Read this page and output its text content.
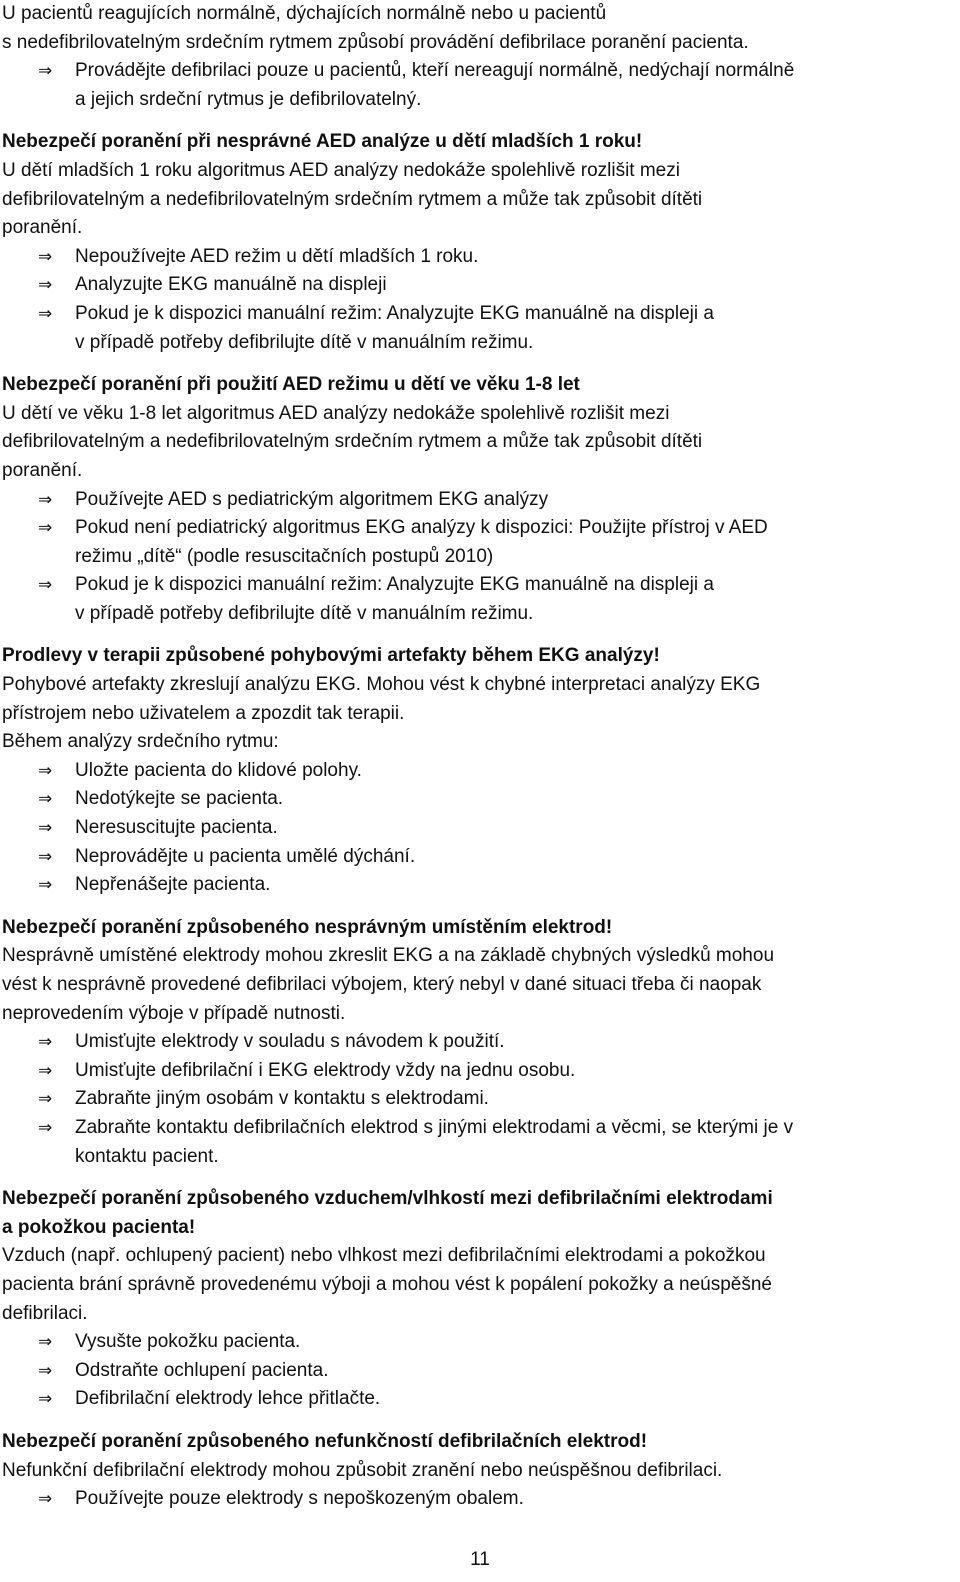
U pacientů reagujících normálně, dýchajících normálně nebo u pacientů

s nedefibrilovatelným srdečním rytmem způsobí provádění defibrilace poranění pacienta.

⇒ Provádějte defibrilaci pouze u pacientů, kteří nereagují normálně, nedýchají normálně
a jejich srdeční rytmus je defibrilovatelný.

Nebezpečí poranění při nesprávné AED analýze u dětí mladších 1 roku!

U dětí mladších 1 roku algoritmus AED analýzy nedokáže spolehlivě rozlišit mezi

defibrilovatelným a nedefibrilovatelným srdečním rytmem a může tak způsobit dítěti

poranění.

⇒ Nepoužívejte AED režim u dětí mladších 1 roku.
⇒ Analyzujte EKG manuálně na displeji
⇒ Pokud je k dispozici manuální režim: Analyzujte EKG manuálně na displeji a
v případě potřeby defibrilujte dítě v manuálním režimu.

Nebezpečí poranění při použití AED režimu u dětí ve věku 1-8 let

U dětí ve věku 1-8 let algoritmus AED analýzy nedokáže spolehlivě rozlišit mezi

defibrilovatelným a nedefibrilovatelným srdečním rytmem a může tak způsobit dítěti

poranění.

⇒ Používejte AED s pediatrickým algoritmem EKG analýzy
⇒ Pokud není pediatrický algoritmus EKG analýzy k dispozici: Použijte přístroj v AED
režimu „dítě“ (podle resuscitačních postupů 2010)
⇒ Pokud je k dispozici manuální režim: Analyzujte EKG manuálně na displeji a
v případě potřeby defibrilujte dítě v manuálním režimu.

Prodlevy v terapii způsobené pohybovými artefakty během EKG analýzy!

Pohybové artefakty zkreslují analýzu EKG. Mohou vést k chybné interpretaci analýzy EKG

přístrojem nebo uživatelem a zpozdit tak terapii.

Během analýzy srdečního rytmu:

⇒ Uložte pacienta do klidové polohy.
⇒ Nedotýkejte se pacienta.
⇒ Neresuscitujte pacienta.
⇒ Neprovádějte u pacienta umělé dýchání.
⇒ Nepřenášejte pacienta.

Nebezpečí poranění způsobeného nesprávným umístěním elektrod!

Nesprávně umístěné elektrody mohou zkreslit EKG a na základě chybných výsledků mohou

vést k nesprávně provedené defibrilaci výbojem, který nebyl v dané situaci třeba či naopak

neprovedením výboje v případě nutnosti.

⇒ Umisťujte elektrody v souladu s návodem k použití.
⇒ Umisťujte defibrilační i EKG elektrody vždy na jednu osobu.
⇒ Zabraňte jiným osobám v kontaktu s elektrodami.
⇒ Zabraňte kontaktu defibrilačních elektrod s jinými elektrodami a věcmi, se kterými je v
kontaktu pacient.

Nebezpečí poranění způsobeného vzduchem/vlhkostí mezi defibrilačními elektrodami

a pokožkou pacienta!

Vzduch (např. ochlupený pacient) nebo vlhkost mezi defibrilačními elektrodami a pokožkou

pacienta brání správně provedenému výboji a mohou vést k popálení pokožky a neúspěšné

defibrilaci.

⇒ Vysušte pokožku pacienta.
⇒ Odstraňte ochlupení pacienta.
⇒ Defibrilační elektrody lehce přitlačte.

Nebezpečí poranění způsobeného nefunkčností defibrilačních elektrod!

Nefunkční defibrilační elektrody mohou způsobit zranění nebo neúspěšnou defibrilaci.

⇒ Používejte pouze elektrody s nepoškozeným obalem.
11
